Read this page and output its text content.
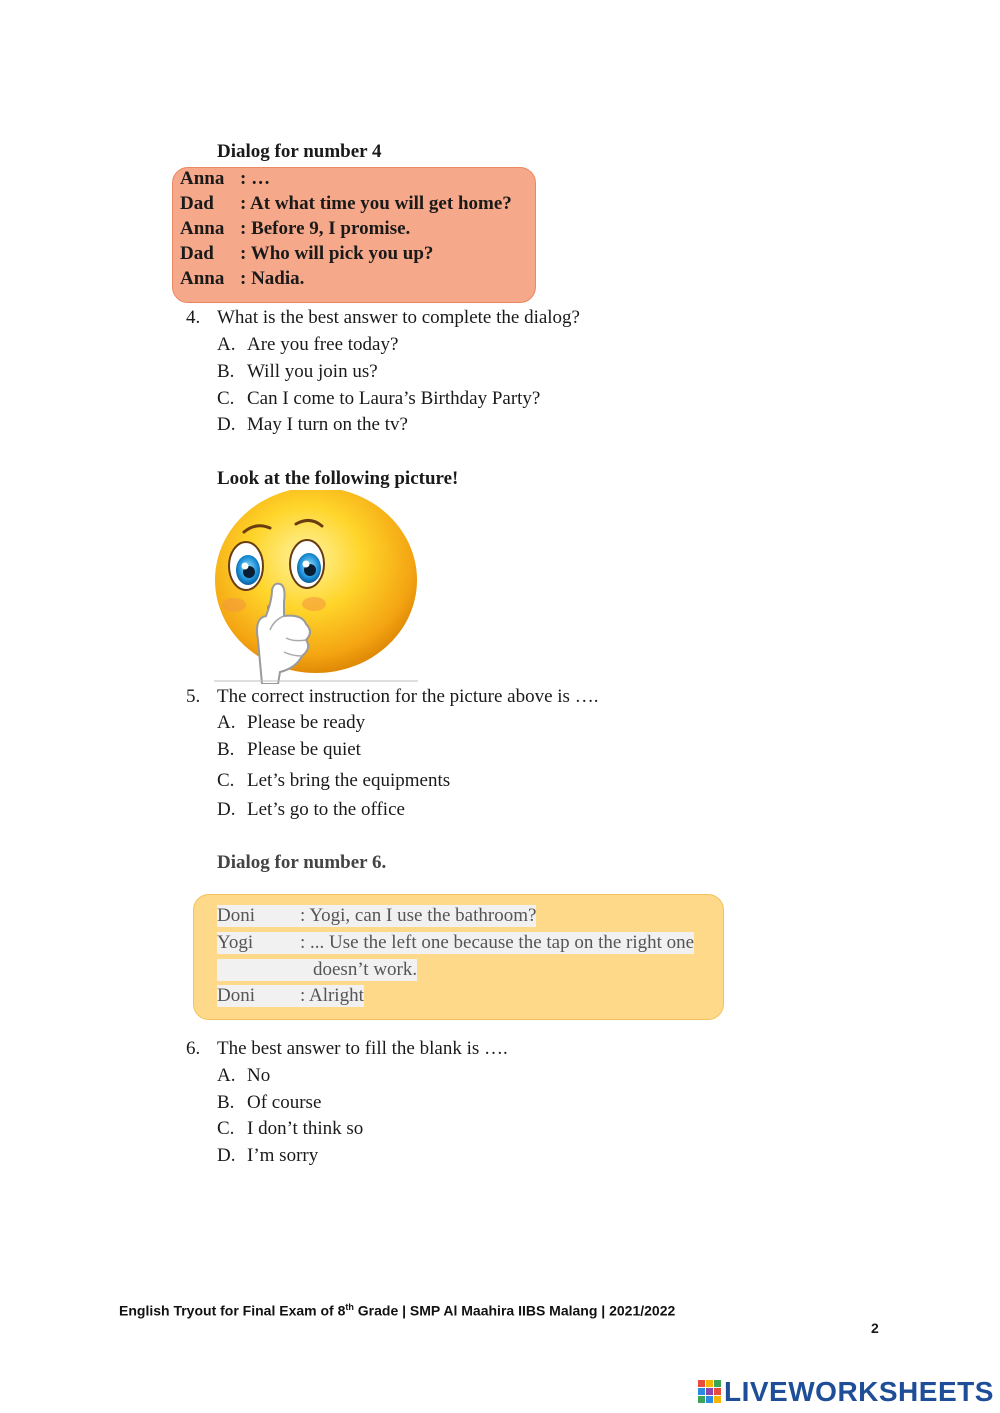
Dialog for number 4
Anna : …
Dad : At what time you will get home?
Anna : Before 9, I promise.
Dad : Who will pick you up?
Anna : Nadia.
4. What is the best answer to complete the dialog?
A. Are you free today?
B. Will you join us?
C. Can I come to Laura’s Birthday Party?
D. May I turn on the tv?
Look at the following picture!
5. The correct instruction for the picture above is ….
A. Please be ready
B. Please be quiet
C. Let’s bring the equipments
D. Let’s go to the office
Dialog for number 6.
Doni : Yogi, can I use the bathroom?
Yogi : ... Use the left one because the tap on the right one
doesn’t work.
Doni : Alright
6. The best answer to fill the blank is ….
A. No
B. Of course
C. I don’t think so
D. I’m sorry
English Tryout for Final Exam of 8th Grade | SMP Al Maahira IIBS Malang | 2021/2022
2
LIVEWORKSHEETS
